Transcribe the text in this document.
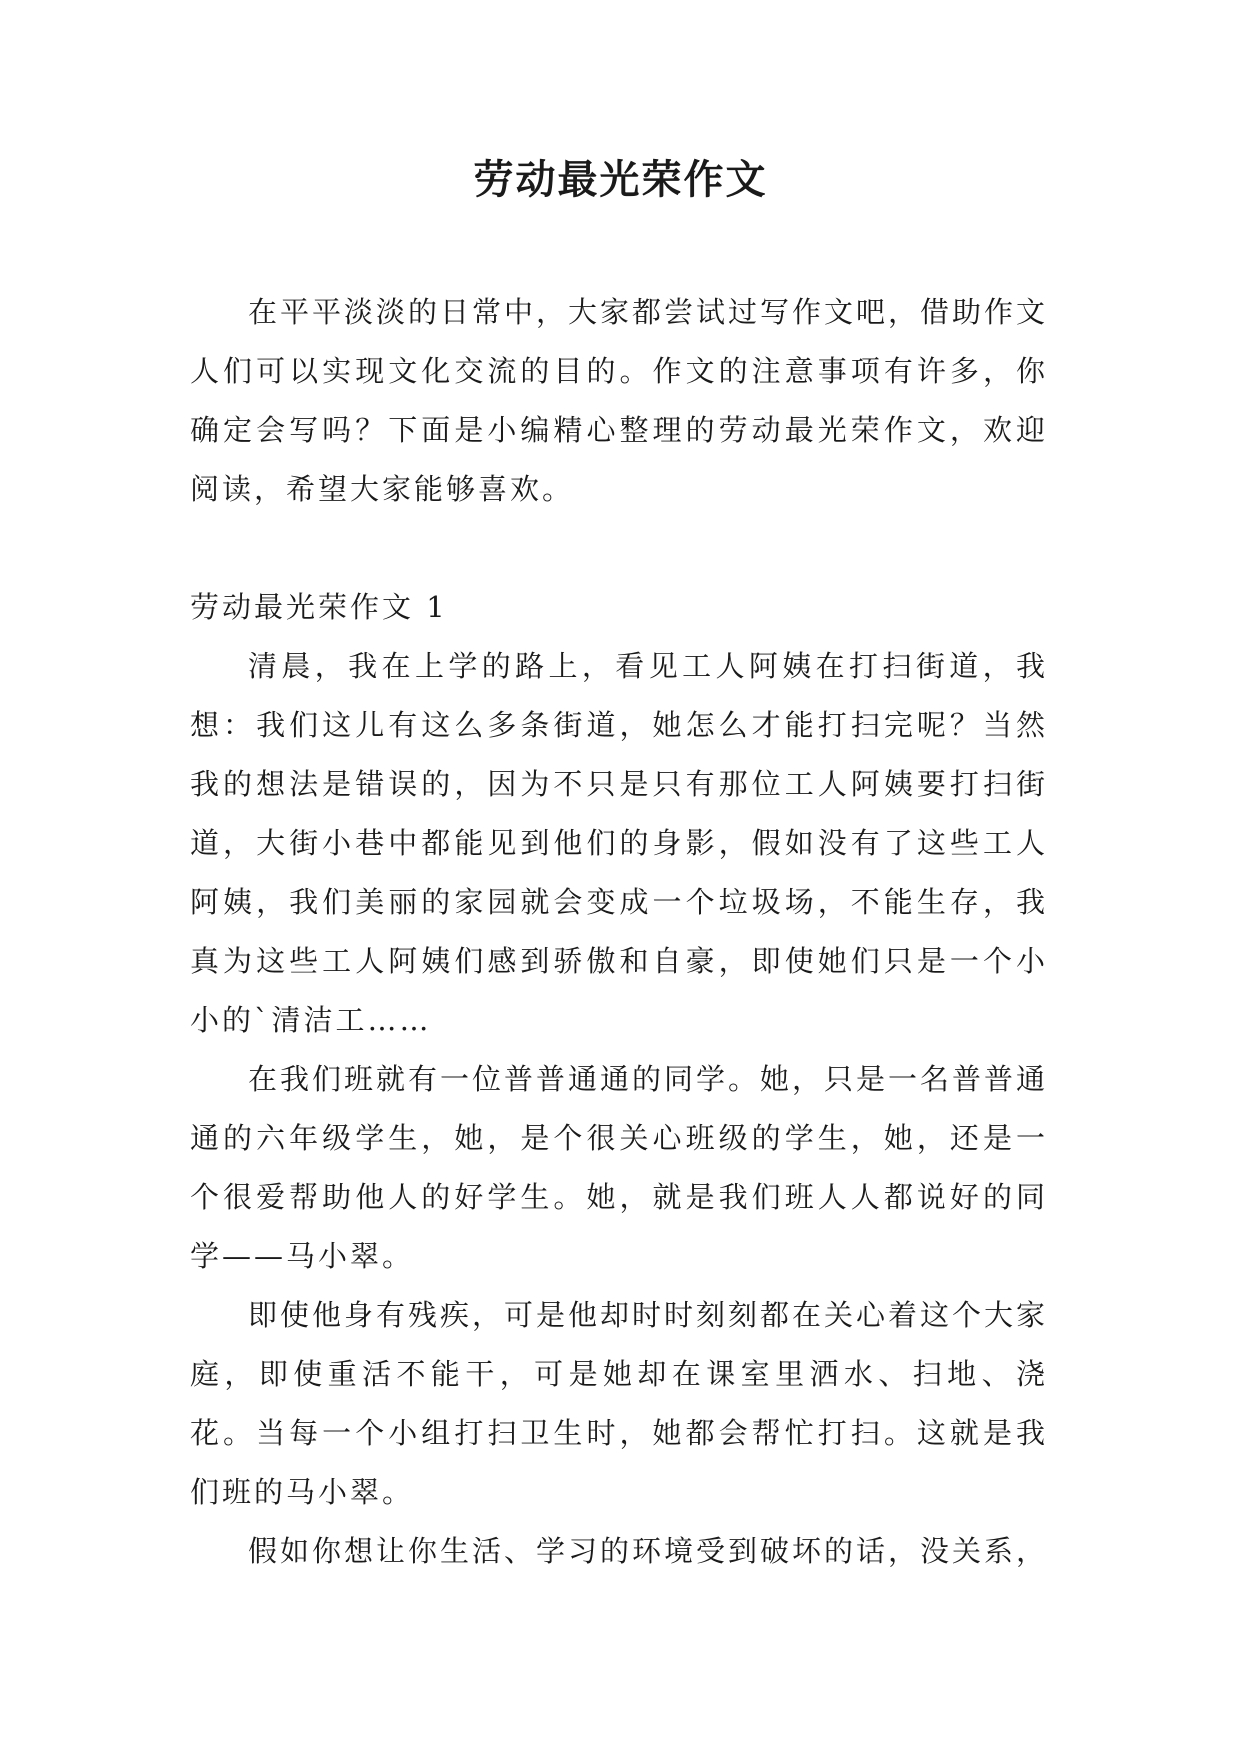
劳动最光荣作文

在平平淡淡的日常中，大家都尝试过写作文吧，借助作文人们可以实现文化交流的目的。作文的注意事项有许多，你确定会写吗？下面是小编精心整理的劳动最光荣作文，欢迎阅读，希望大家能够喜欢。

劳动最光荣作文 1

清晨，我在上学的路上，看见工人阿姨在打扫街道，我想：我们这儿有这么多条街道，她怎么才能打扫完呢？当然我的想法是错误的，因为不只是只有那位工人阿姨要打扫街道，大街小巷中都能见到他们的身影，假如没有了这些工人阿姨，我们美丽的家园就会变成一个垃圾场，不能生存，我真为这些工人阿姨们感到骄傲和自豪，即使她们只是一个小小的`清洁工……

在我们班就有一位普普通通的同学。她，只是一名普普通通的六年级学生，她，是个很关心班级的学生，她，还是一个很爱帮助他人的好学生。她，就是我们班人人都说好的同学——马小翠。

即使他身有残疾，可是他却时时刻刻都在关心着这个大家庭，即使重活不能干，可是她却在课室里洒水、扫地、浇花。当每一个小组打扫卫生时，她都会帮忙打扫。这就是我们班的马小翠。

假如你想让你生活、学习的环境受到破坏的话，没关系，
